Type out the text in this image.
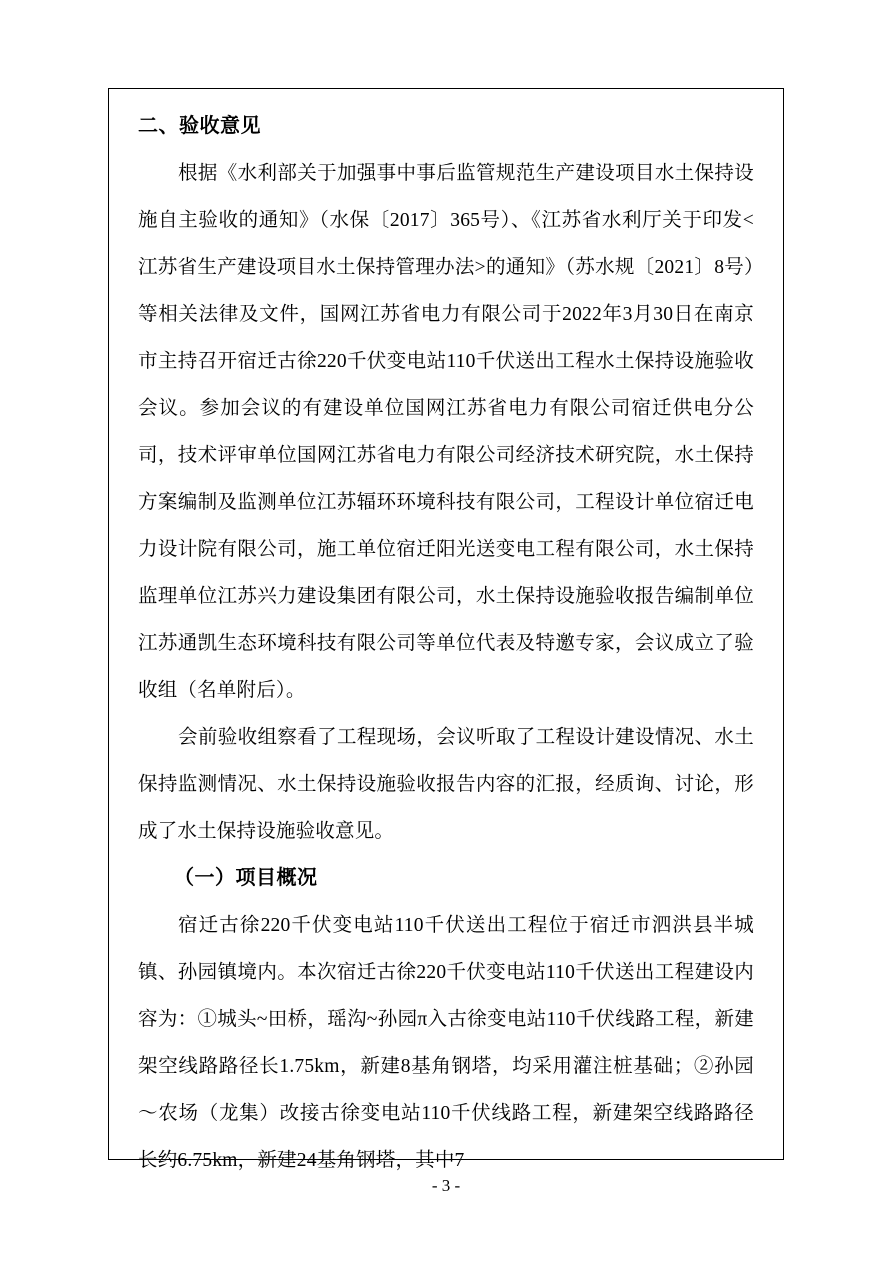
二、验收意见

根据《水利部关于加强事中事后监管规范生产建设项目水土保持设施自主验收的通知》（水保〔2017〕365号）、《江苏省水利厅关于印发<江苏省生产建设项目水土保持管理办法>的通知》（苏水规〔2021〕8号）等相关法律及文件，国网江苏省电力有限公司于2022年3月30日在南京市主持召开宿迁古徐220千伏变电站110千伏送出工程水土保持设施验收会议。参加会议的有建设单位国网江苏省电力有限公司宿迁供电分公司，技术评审单位国网江苏省电力有限公司经济技术研究院，水土保持方案编制及监测单位江苏辐环环境科技有限公司，工程设计单位宿迁电力设计院有限公司，施工单位宿迁阳光送变电工程有限公司，水土保持监理单位江苏兴力建设集团有限公司，水土保持设施验收报告编制单位江苏通凯生态环境科技有限公司等单位代表及特邀专家，会议成立了验收组（名单附后）。

会前验收组察看了工程现场，会议听取了工程设计建设情况、水土保持监测情况、水土保持设施验收报告内容的汇报，经质询、讨论，形成了水土保持设施验收意见。

（一）项目概况

宿迁古徐220千伏变电站110千伏送出工程位于宿迁市泗洪县半城镇、孙园镇境内。本次宿迁古徐220千伏变电站110千伏送出工程建设内容为：①城头~田桥，瑶沟~孙园π入古徐变电站110千伏线路工程，新建架空线路路径长1.75km，新建8基角钢塔，均采用灌注桩基础；②孙园～农场（龙集）改接古徐变电站110千伏线路工程，新建架空线路路径长约6.75km，新建24基角钢塔，其中7

- 3 -
